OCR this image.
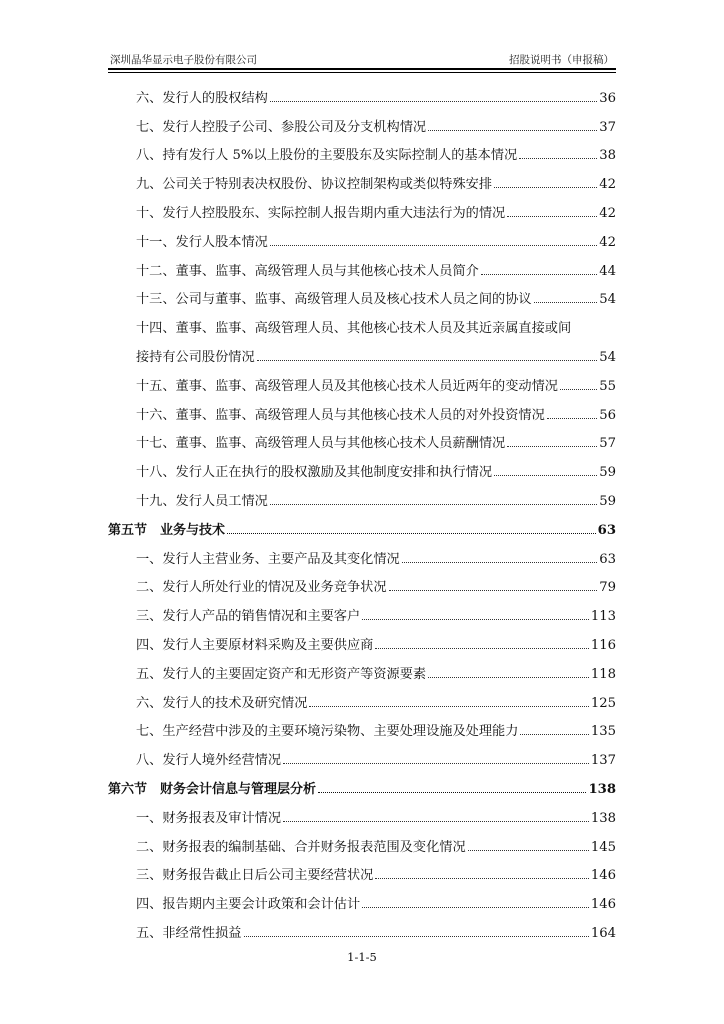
深圳晶华显示电子股份有限公司	招股说明书（申报稿）
六、发行人的股权结构	36
七、发行人控股子公司、参股公司及分支机构情况	37
八、持有发行人 5%以上股份的主要股东及实际控制人的基本情况	38
九、公司关于特别表决权股份、协议控制架构或类似特殊安排	42
十、发行人控股股东、实际控制人报告期内重大违法行为的情况	42
十一、发行人股本情况	42
十二、董事、监事、高级管理人员与其他核心技术人员简介	44
十三、公司与董事、监事、高级管理人员及核心技术人员之间的协议	54
十四、董事、监事、高级管理人员、其他核心技术人员及其近亲属直接或间
接持有公司股份情况	54
十五、董事、监事、高级管理人员及其他核心技术人员近两年的变动情况	55
十六、董事、监事、高级管理人员与其他核心技术人员的对外投资情况	56
十七、董事、监事、高级管理人员与其他核心技术人员薪酬情况	57
十八、发行人正在执行的股权激励及其他制度安排和执行情况	59
十九、发行人员工情况	59
第五节　业务与技术	63
一、发行人主营业务、主要产品及其变化情况	63
二、发行人所处行业的情况及业务竞争状况	79
三、发行人产品的销售情况和主要客户	113
四、发行人主要原材料采购及主要供应商	116
五、发行人的主要固定资产和无形资产等资源要素	118
六、发行人的技术及研究情况	125
七、生产经营中涉及的主要环境污染物、主要处理设施及处理能力	135
八、发行人境外经营情况	137
第六节　财务会计信息与管理层分析	138
一、财务报表及审计情况	138
二、财务报表的编制基础、合并财务报表范围及变化情况	145
三、财务报告截止日后公司主要经营状况	146
四、报告期内主要会计政策和会计估计	146
五、非经常性损益	164
1-1-5
